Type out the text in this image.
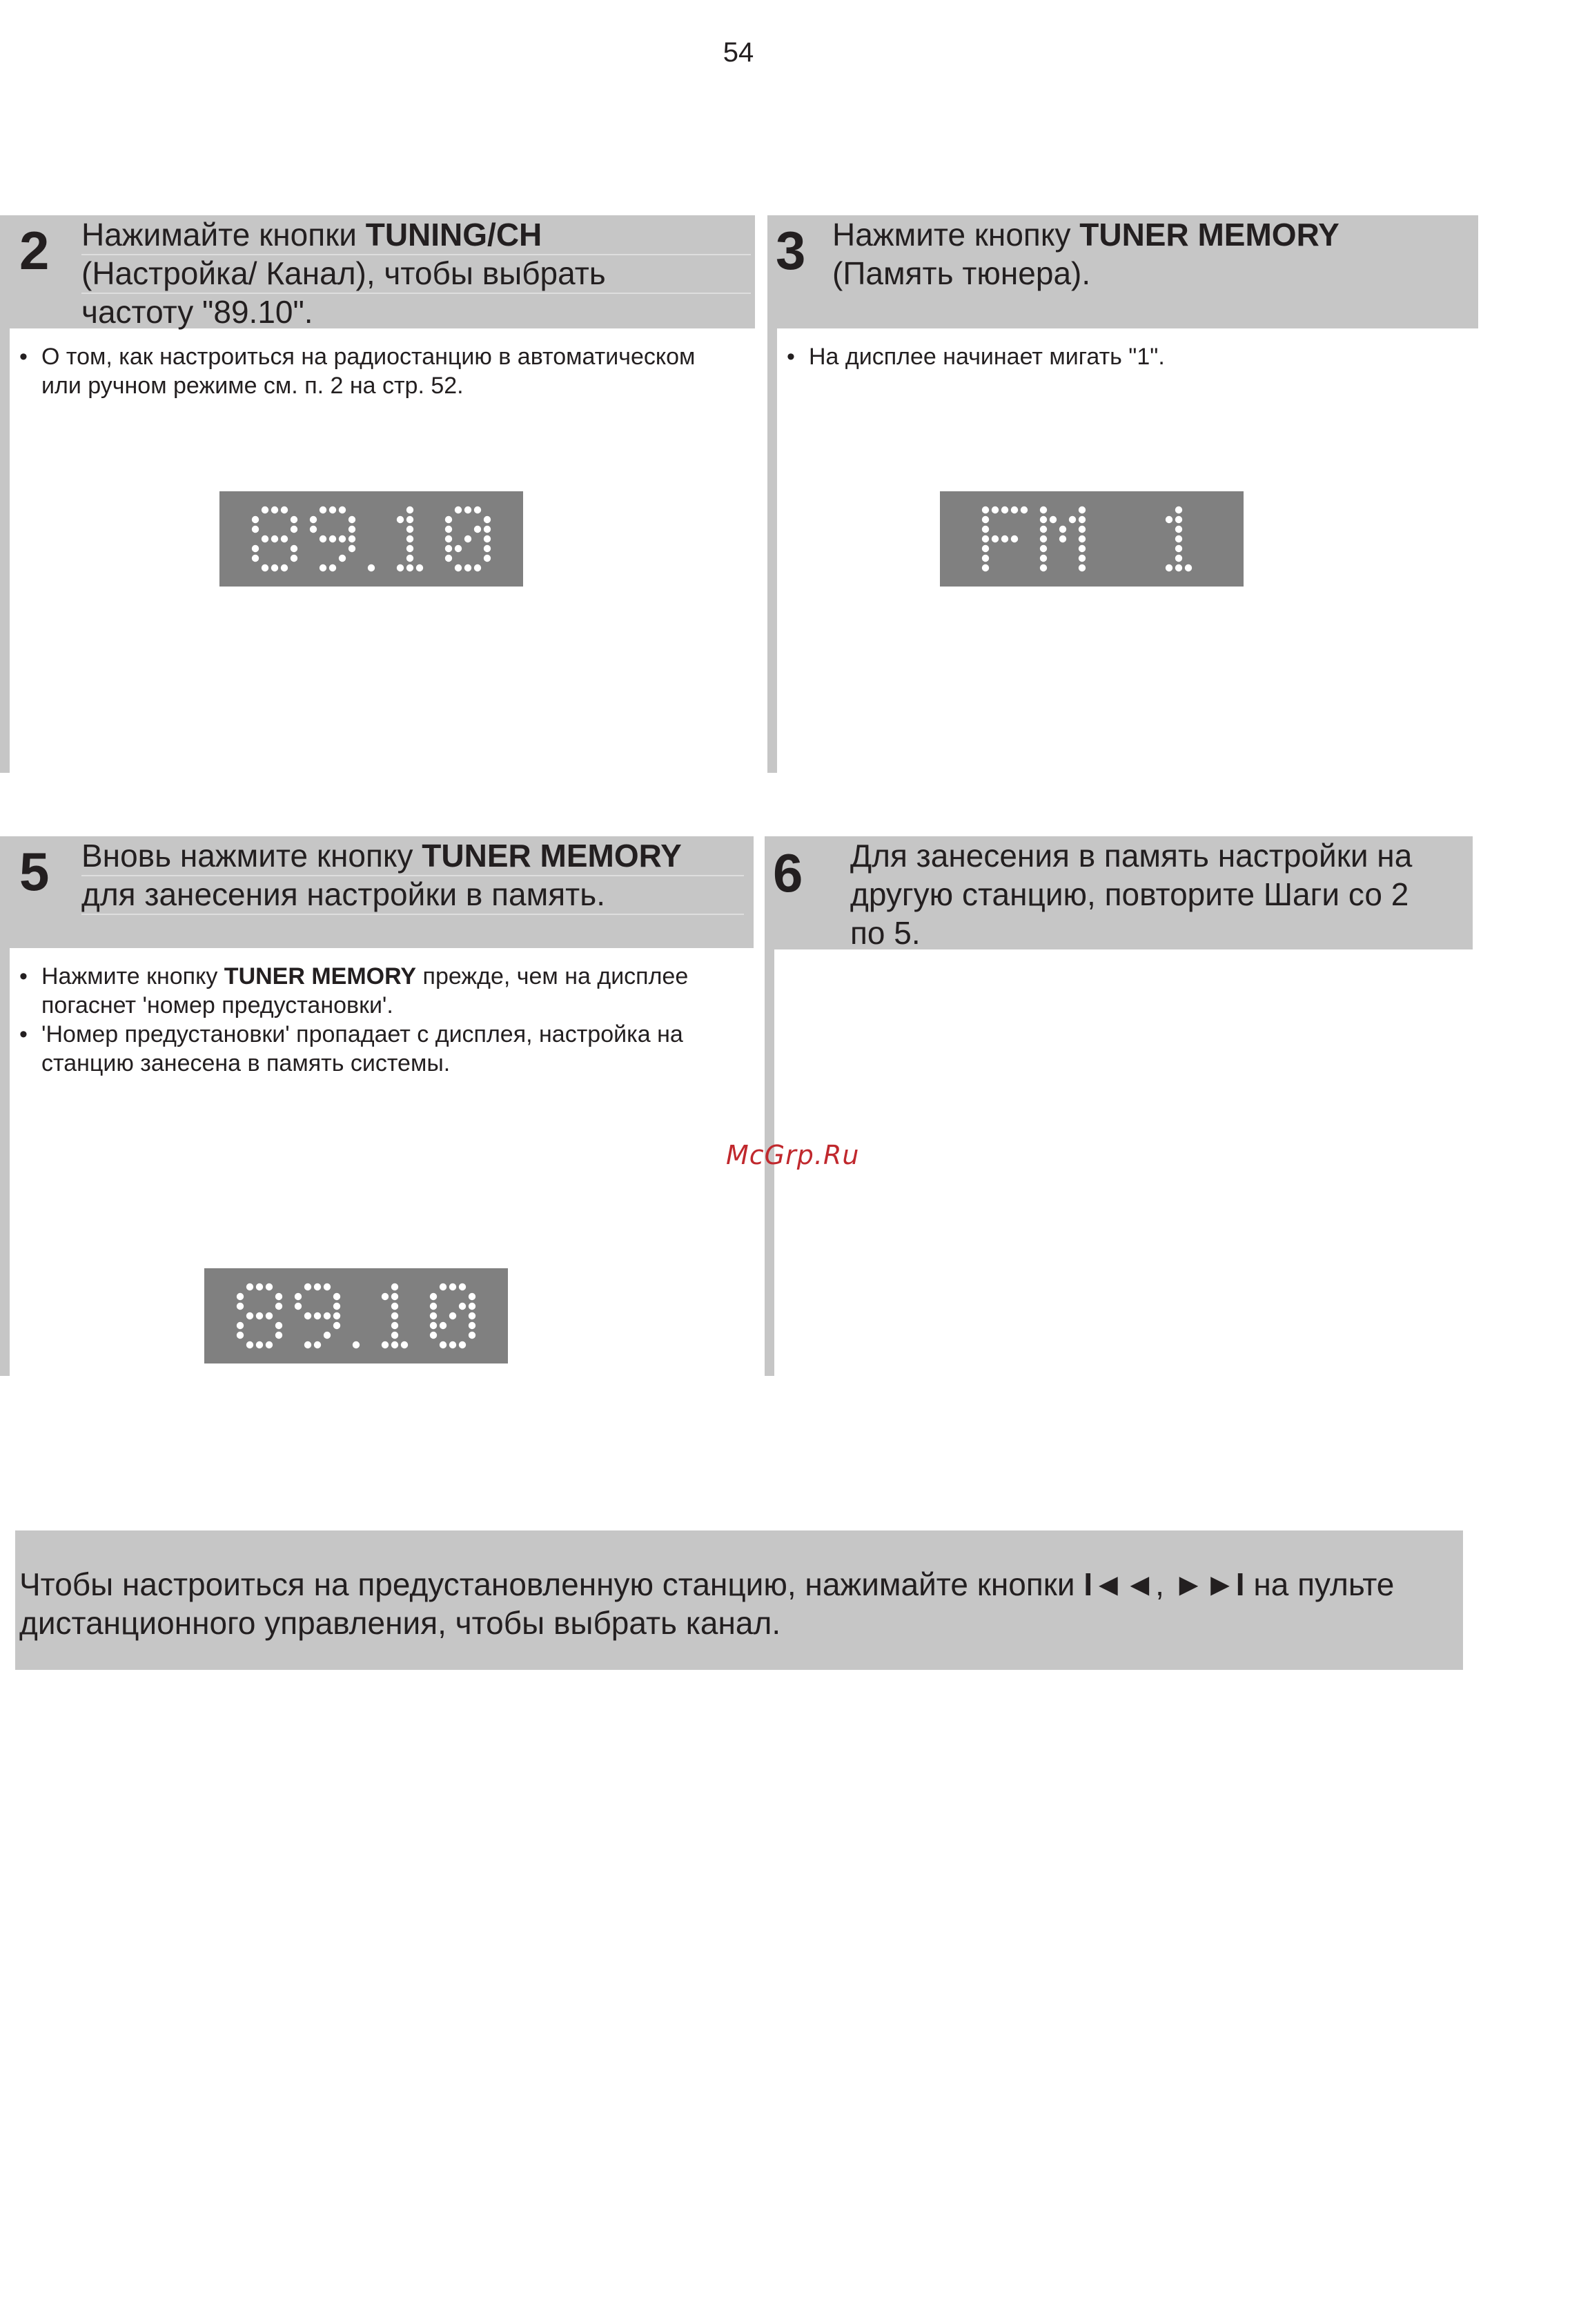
54
2 Нажимайте кнопки TUNING/CH
(Настройка/ Канал), чтобы выбрать
частоту "89.10".
• О том, как настроиться на радиостанцию в автоматическом
или ручном режиме см. п. 2 на стр. 52.
3 Нажмите кнопку TUNER MEMORY
(Память тюнера).
• На дисплее начинает мигать "1".
5 Вновь нажмите кнопку TUNER MEMORY
для занесения настройки в память.
• Нажмите кнопку TUNER MEMORY прежде, чем на дисплее
погаснет 'номер предустановки'.
• 'Номер предустановки' пропадает с дисплея, настройка на
станцию занесена в память системы.
6 Для занесения в память настройки на
другую станцию, повторите Шаги со 2
по 5.
McGrp.Ru
Чтобы настроиться на предустановленную станцию, нажимайте кнопки I◄◄, ►►I на пульте
дистанционного управления, чтобы выбрать канал.
